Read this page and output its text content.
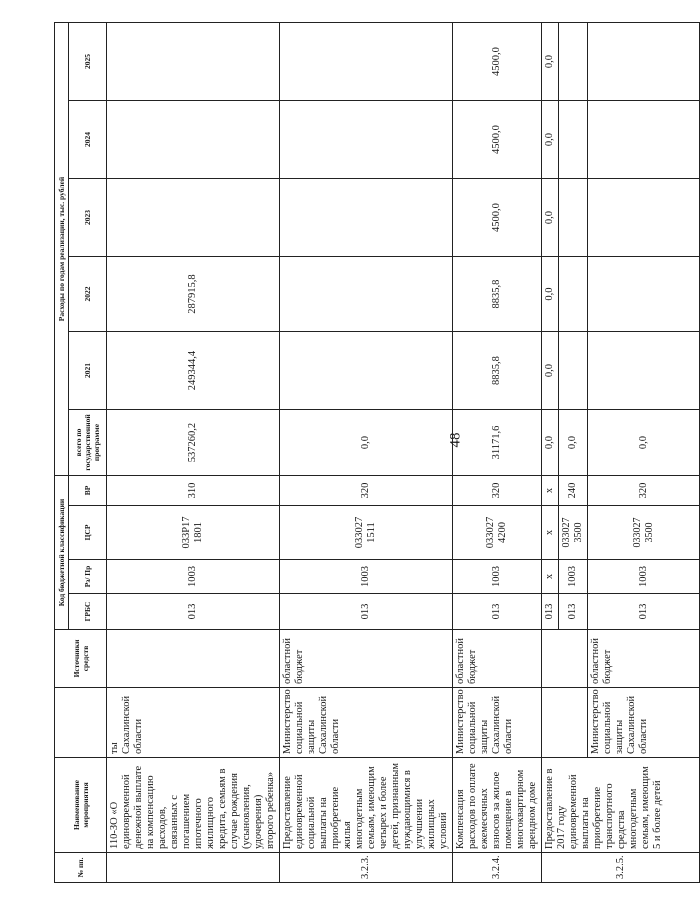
48
№ пп.	Наименование мероприятия		Источники средств	Код бюджетной классификации				Расходы по годам реализации, тыс. рублей					
				ГРБС	Рз/ Пр	ЦСР	ВР	всего по государственной программе	2021	2022	2023	2024	2025
	110-ЗО «О единовременной денежной выплате на компенсацию расходов, связанных с погашением ипотечного жилищного кредита, семьям в случае рождения (усыновления, удочерения) второго ребенка»	ты Сахалинской области		013	1003	033P17 1801	310	537260,2	249344,4	287915,8			
3.2.3.	Предоставление единовременной социальной выплаты на приобретение жилья многодетным семьям, имеющим четырех и более детей, признанным нуждающимися в улучшении жилищных условий	Министерство социальной защиты Сахалинской области	областной бюджет	013	1003	033027 1511	320	0,0					
3.2.4.	Компенсация расходов по оплате ежемесячных взносов за жилое помещение в многоквартирном арендном доме	Министерство социальной защиты Сахалинской области	областной бюджет	013	1003	033027 4200	320	31171,6	8835,8	8835,8	4500,0	4500,0	4500,0
3.2.5.	Предоставление в 2017 году единовременной выплаты на приобретение транспортного средства многодетным семьям, имеющим 5 и более детей			013	x	x	x	0,0	0,0	0,0	0,0	0,0	0,0
				013	1003	033027 3500	240	0,0					
		Министерство социальной защиты Сахалинской области	областной бюджет	013	1003	033027 3500	320	0,0					
